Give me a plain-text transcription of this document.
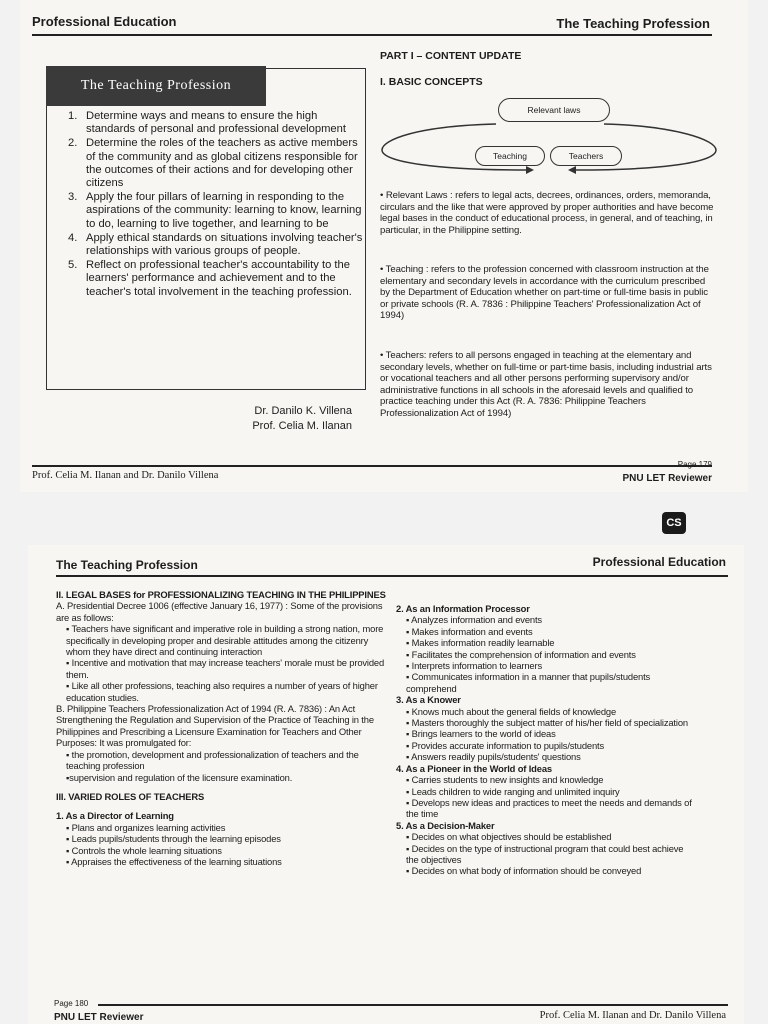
Professional Education	The Teaching Profession
The Teaching Profession
1. Determine ways and means to ensure the high standards of personal and professional development
2. Determine the roles of the teachers as active members of the community and as global citizens responsible for the outcomes of their actions and for developing other citizens
3. Apply the four pillars of learning in responding to the aspirations of the community: learning to know, learning to do, learning to live together, and learning to be
4. Apply ethical standards on situations involving teacher's relationships with various groups of people.
5. Reflect on professional teacher's accountability to the learners' performance and achievement and to the teacher's total involvement in the teaching profession.
Dr. Danilo K. Villena
Prof. Celia M. Ilanan
PART I – CONTENT UPDATE
I. BASIC CONCEPTS
Relevant laws
Teaching	Teachers
• Relevant Laws : refers to legal acts, decrees, ordinances, orders, memoranda, circulars and the like that were approved by proper authorities and have become legal bases in the conduct of educational process, in general, and of teaching, in particular, in the Philippine setting.
• Teaching : refers to the profession concerned with classroom instruction at the elementary and secondary levels in accordance with the curriculum prescribed by the Department of Education whether on part-time or full-time basis in public or private schools (R. A. 7836 : Philippine Teachers' Professionalization Act of 1994)
• Teachers: refers to all persons engaged in teaching at the elementary and secondary levels, whether on full-time or part-time basis, including industrial arts or vocational teachers and all other persons performing supervisory and/or administrative functions in all schools in the aforesaid levels and qualified to practice teaching under this Act (R. A. 7836: Philippine Teachers Professionalization Act of 1994)
Prof. Celia M. Ilanan and Dr. Danilo Villena
Page 179
PNU LET Reviewer
CS
The Teaching Profession	Professional Education
II. LEGAL BASES for PROFESSIONALIZING TEACHING IN THE PHILIPPINES
A. Presidential Decree 1006 (effective January 16, 1977) : Some of the provisions are as follows:
▪ Teachers have significant and imperative role in building a strong nation, more specifically in developing proper and desirable attitudes among the citizenry whom they have direct and continuing interaction
▪ Incentive and motivation that may increase teachers' morale must be provided them.
▪ Like all other professions, teaching also requires a number of years of higher education studies.
B. Philippine Teachers Professionalization Act of 1994 (R. A. 7836) : An Act Strengthening the Regulation and Supervision of the Practice of Teaching in the Philippines and Prescribing a Licensure Examination for Teachers and Other Purposes: It was promulgated for:
▪ the promotion, development and professionalization of teachers and the teaching profession
▪supervision and regulation of the licensure examination.
III. VARIED ROLES OF TEACHERS
1. As a Director of Learning
▪ Plans and organizes learning activities
▪ Leads pupils/students through the learning episodes
▪ Controls the whole learning situations
▪ Appraises the effectiveness of the learning situations
2. As an Information Processor
▪ Analyzes information and events
▪ Makes information and events
▪ Makes information readily learnable
▪ Facilitates the comprehension of information and events
▪ Interprets information to learners
▪ Communicates information in a manner that pupils/students comprehend
3. As a Knower
▪ Knows much about the general fields of knowledge
▪ Masters thoroughly the subject matter of his/her field of specialization
▪ Brings learners to the world of ideas
▪ Provides accurate information to pupils/students
▪ Answers readily pupils/students' questions
4. As a Pioneer in the World of Ideas
▪ Carries students to new insights and knowledge
▪ Leads children to wide ranging and unlimited inquiry
▪ Develops new ideas and practices to meet the needs and demands of the time
5. As a Decision-Maker
▪ Decides on what objectives should be established
▪ Decides on the type of instructional program that could best achieve the objectives
▪ Decides on what body of information should be conveyed
Page 180
PNU LET Reviewer	Prof. Celia M. Ilanan and Dr. Danilo Villena
